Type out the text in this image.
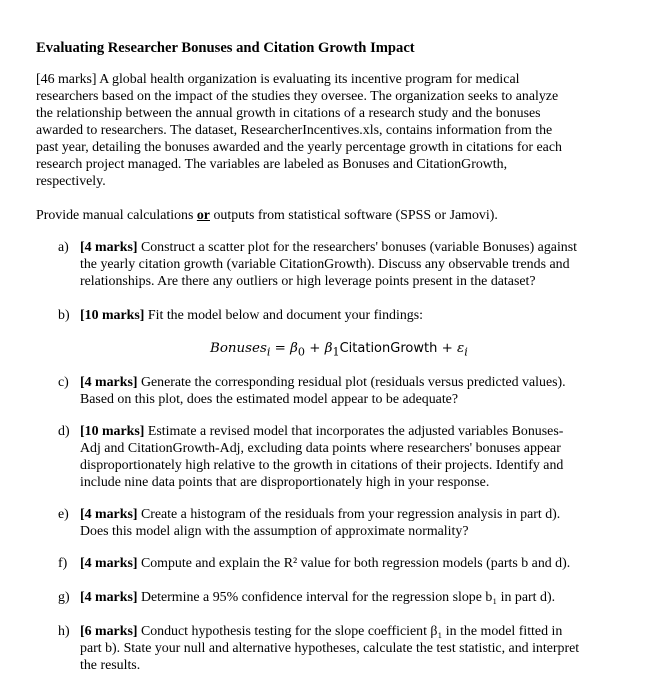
Evaluating Researcher Bonuses and Citation Growth Impact
[46 marks] A global health organization is evaluating its incentive program for medical
researchers based on the impact of the studies they oversee. The organization seeks to analyze
the relationship between the annual growth in citations of a research study and the bonuses
awarded to researchers. The dataset, ResearcherIncentives.xls, contains information from the
past year, detailing the bonuses awarded and the yearly percentage growth in citations for each
research project managed. The variables are labeled as Bonuses and CitationGrowth,
respectively.
Provide manual calculations or outputs from statistical software (SPSS or Jamovi).
a) [4 marks] Construct a scatter plot for the researchers' bonuses (variable Bonuses) against
the yearly citation growth (variable CitationGrowth). Discuss any observable trends and
relationships. Are there any outliers or high leverage points present in the dataset?
b) [10 marks] Fit the model below and document your findings:
Bonuses$_i$ = $\beta_0$ + $\beta_1CitationGrowth + \varepsilon_i$
c) [4 marks] Generate the corresponding residual plot (residuals versus predicted values).
Based on this plot, does the estimated model appear to be adequate?
d) [10 marks] Estimate a revised model that incorporates the adjusted variables Bonuses-
Adj and CitationGrowth-Adj, excluding data points where researchers' bonuses appear
disproportionately high relative to the growth in citations of their projects. Identify and
include nine data points that are disproportionately high in your response.
e) [4 marks] Create a histogram of the residuals from your regression analysis in part d).
Does this model align with the assumption of approximate normality?
f) [4 marks] Compute and explain the R² value for both regression models (parts b and d).
g) [4 marks] Determine a 95% confidence interval for the regression slope b₁ in part d).
h) [6 marks] Conduct hypothesis testing for the slope coefficient β₁ in the model fitted in
part b). State your null and alternative hypotheses, calculate the test statistic, and interpret
the results.
